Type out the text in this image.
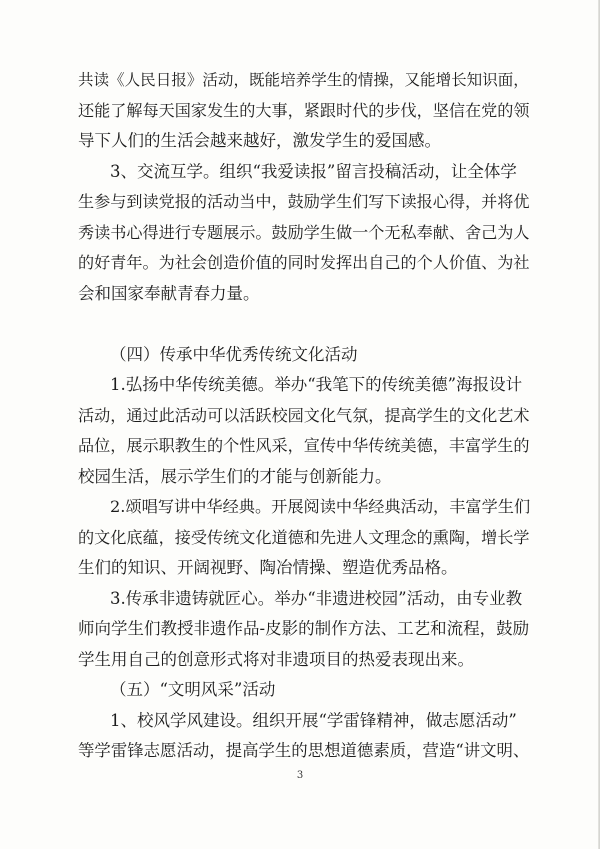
共读《人民日报》活动，既能培养学生的情操，又能增长知识面，
还能了解每天国家发生的大事，紧跟时代的步伐，坚信在党的领
导下人们的生活会越来越好，激发学生的爱国感。
3、交流互学。组织“我爱读报”留言投稿活动，让全体学
生参与到读党报的活动当中，鼓励学生们写下读报心得，并将优
秀读书心得进行专题展示。鼓励学生做一个无私奉献、舍己为人
的好青年。为社会创造价值的同时发挥出自己的个人价值、为社
会和国家奉献青春力量。
（四）传承中华优秀传统文化活动
1.弘扬中华传统美德。举办“我笔下的传统美德”海报设计
活动，通过此活动可以活跃校园文化气氛，提高学生的文化艺术
品位，展示职教生的个性风采，宣传中华传统美德，丰富学生的
校园生活，展示学生们的才能与创新能力。
2.颂唱写讲中华经典。开展阅读中华经典活动，丰富学生们
的文化底蕴，接受传统文化道德和先进人文理念的熏陶，增长学
生们的知识、开阔视野、陶冶情操、塑造优秀品格。
3.传承非遗铸就匠心。举办“非遗进校园”活动，由专业教
师向学生们教授非遗作品-皮影的制作方法、工艺和流程，鼓励
学生用自己的创意形式将对非遗项目的热爱表现出来。
（五）“文明风采”活动
1、校风学风建设。组织开展“学雷锋精神，做志愿活动”
等学雷锋志愿活动，提高学生的思想道德素质，营造“讲文明、
3
